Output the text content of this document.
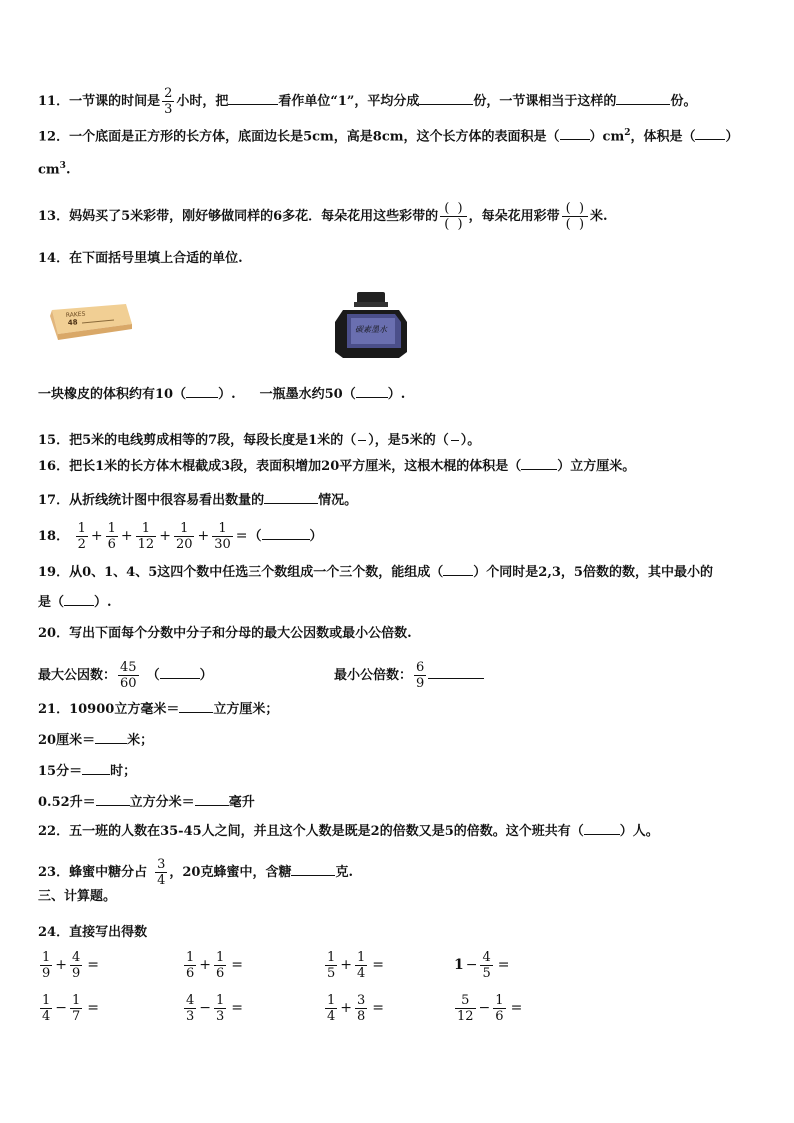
11．一节课的时间是 $\frac{2}{3}$ 小时，把	看作单位“1”，平均分成	份，一节课相当于这样的	份。
12．一个底面是正方形的长方体，底面边长是5cm，高是8cm，这个长方体的表面积是（ ）$cm^2$，体积是（ ）
$cm^3$.
13．妈妈买了5米彩带，刚好够做同样的6多花．每朵花用这些彩带的 $\frac{( )}{( )}$ ，每朵花用彩带 $\frac{( )}{( )}$ 米.
14．在下面括号里填上合适的单位.
RAKES
48
碳素墨水
一块橡皮的体积约有10（ ）. 一瓶墨水约50（ ）.
15．把5米的电线剪成相等的7段，每段长度是1米的（ ），是5米的（ ）。
16．把长1米的长方体木棍截成3段，表面积增加20平方厘米，这根木棍的体积是（	）立方厘米。
17．从折线统计图中很容易看出数量的	情况。
18． $\frac{1}{2} + \frac{1}{6} + \frac{1}{12} + \frac{1}{20} + \frac{1}{30}$ =（	）
19．从0、1、4、5这四个数中任选三个数组成一个三个数，能组成（ ）个同时是2,3，5倍数的数，其中最小的
是（ ）.
20．写出下面每个分数中分子和分母的最大公因数或最小公倍数.
最大公因数： $\frac{45}{60}$ （	）	最小公倍数： $\frac{6}{9}$
21．10900立方毫米＝	立方厘米；
20厘米＝ 米；
15分＝ 时；
0.52升＝	立方分米＝	毫升
22．五一班的人数在35-45人之间，并且这个人数是既是2的倍数又是5的倍数。这个班共有（	）人。
23．蜂蜜中糖分占 $\frac{3}{4}$ ，20克蜂蜜中，含糖	克.
三、计算题。
24．直接写出得数
$\frac{1}{9} + \frac{4}{9}$ =	$\frac{1}{6} + \frac{1}{6}$ =	$\frac{1}{5} + \frac{1}{4}$ =	$1 - \frac{4}{5}$ =
$\frac{1}{4} - \frac{1}{7}$ =	$\frac{4}{3} - \frac{1}{3}$ =	$\frac{1}{4} + \frac{3}{8}$ =	$\frac{5}{12} - \frac{1}{6}$ =
